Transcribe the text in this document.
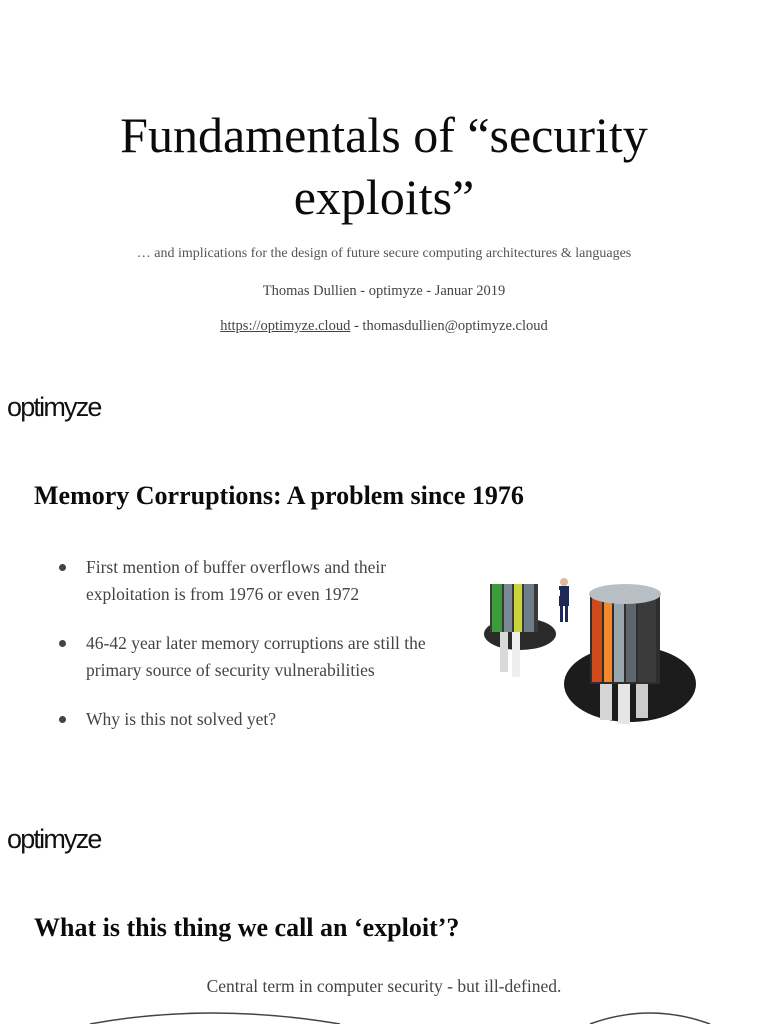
Fundamentals of “security
exploits”
… and implications for the design of future secure computing architectures & languages
Thomas Dullien - optimyze - Januar 2019
https://optimyze.cloud - thomasdullien@optimyze.cloud
optimyze
Memory Corruptions: A problem since 1976
First mention of buffer overflows and their exploitation is from 1976 or even 1972
46-42 year later memory corruptions are still the primary source of security vulnerabilities
Why is this not solved yet?
optimyze
What is this thing we call an ‘exploit’?
Central term in computer security - but ill-defined.
